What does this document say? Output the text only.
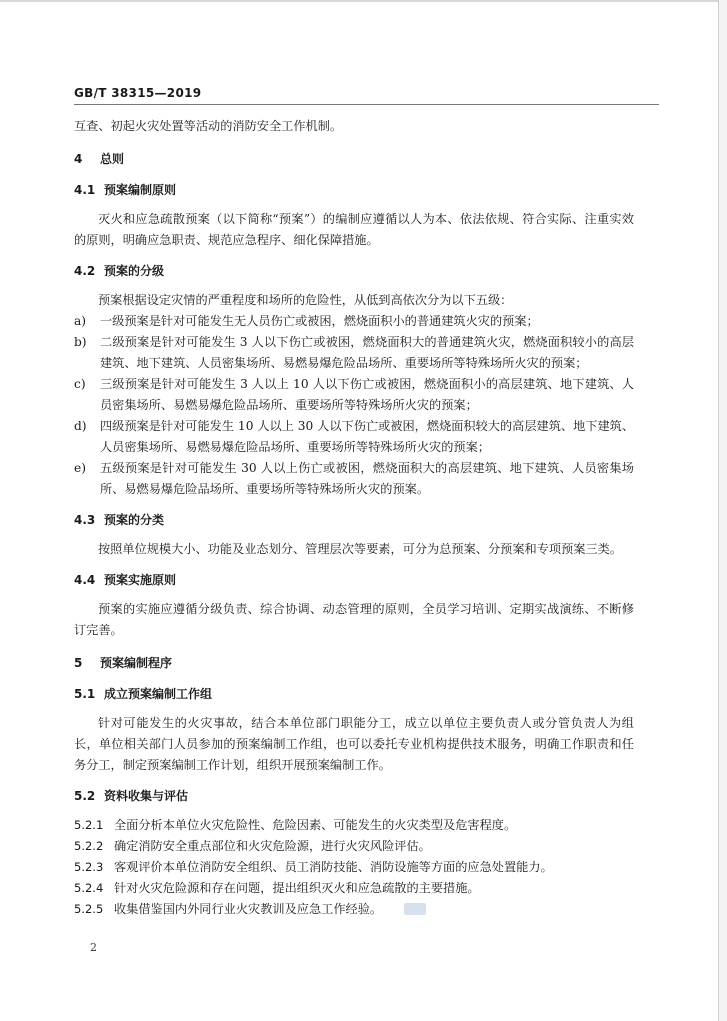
GB/T 38315—2019

互查、初起火灾处置等活动的消防安全工作机制。

4	总则
4.1 预案编制原则

灭火和应急疏散预案（以下简称“预案”）的编制应遵循以人为本、依法依规、符合实际、注重实效的原则，明确应急职责、规范应急程序、细化保障措施。

4.2 预案的分级

预案根据设定灾情的严重程度和场所的危险性，从低到高依次分为以下五级：

a)	一级预案是针对可能发生无人员伤亡或被困，燃烧面积小的普通建筑火灾的预案；
b)	二级预案是针对可能发生 3 人以下伤亡或被困，燃烧面积大的普通建筑火灾，燃烧面积较小的高层建筑、地下建筑、人员密集场所、易燃易爆危险品场所、重要场所等特殊场所火灾的预案；
c)	三级预案是针对可能发生 3 人以上 10 人以下伤亡或被困，燃烧面积小的高层建筑、地下建筑、人员密集场所、易燃易爆危险品场所、重要场所等特殊场所火灾的预案；
d)	四级预案是针对可能发生 10 人以上 30 人以下伤亡或被困，燃烧面积较大的高层建筑、地下建筑、人员密集场所、易燃易爆危险品场所、重要场所等特殊场所火灾的预案；
e)	五级预案是针对可能发生 30 人以上伤亡或被困，燃烧面积大的高层建筑、地下建筑、人员密集场所、易燃易爆危险品场所、重要场所等特殊场所火灾的预案。
4.3 预案的分类

按照单位规模大小、功能及业态划分、管理层次等要素，可分为总预案、分预案和专项预案三类。

4.4 预案实施原则

预案的实施应遵循分级负责、综合协调、动态管理的原则，全员学习培训、定期实战演练、不断修订完善。

5	预案编制程序
5.1 成立预案编制工作组

针对可能发生的火灾事故，结合本单位部门职能分工，成立以单位主要负责人或分管负责人为组长，单位相关部门人员参加的预案编制工作组，也可以委托专业机构提供技术服务，明确工作职责和任务分工，制定预案编制工作计划，组织开展预案编制工作。

5.2 资料收集与评估
5.2.1 全面分析本单位火灾危险性、危险因素、可能发生的火灾类型及危害程度。
5.2.2 确定消防安全重点部位和火灾危险源，进行火灾风险评估。
5.2.3 客观评价本单位消防安全组织、员工消防技能、消防设施等方面的应急处置能力。
5.2.4 针对火灾危险源和存在问题，提出组织灭火和应急疏散的主要措施。
5.2.5 收集借鉴国内外同行业火灾教训及应急工作经验。
2
